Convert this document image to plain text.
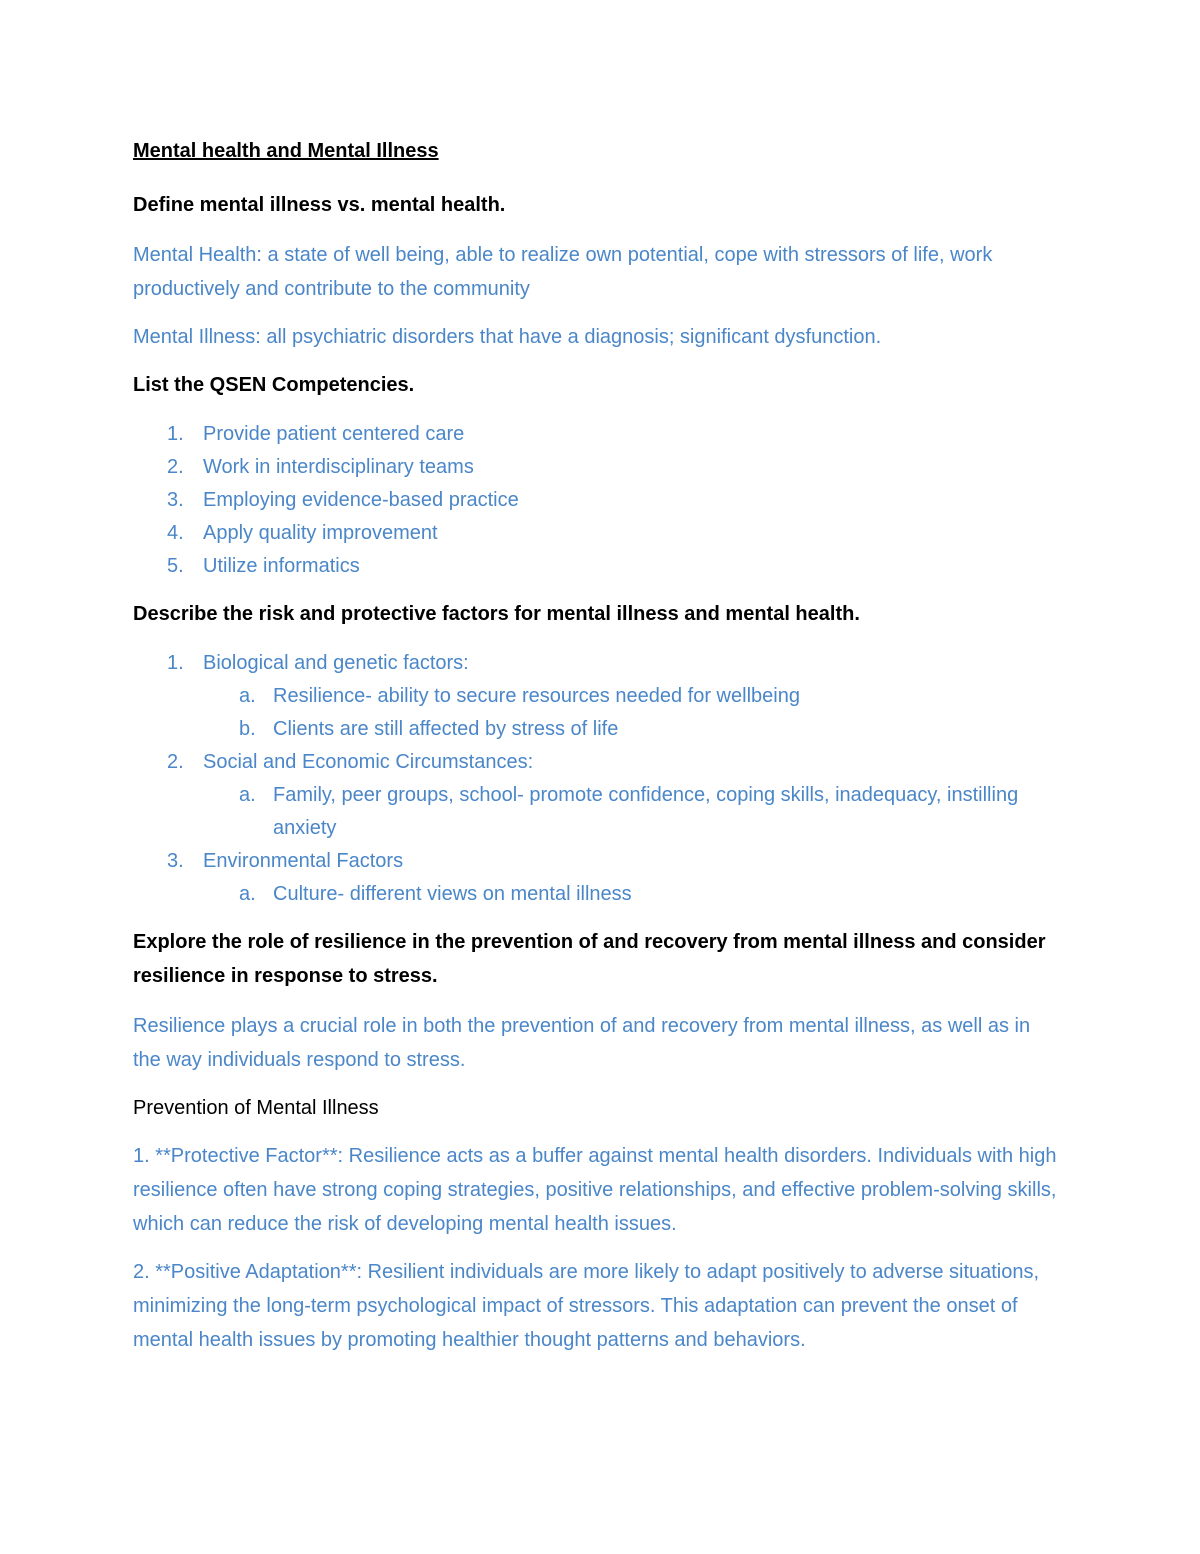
Mental health and Mental Illness

Define mental illness vs. mental health.

Mental Health: a state of well being, able to realize own potential, cope with stressors of life, work productively and contribute to the community

Mental Illness: all psychiatric disorders that have a diagnosis; significant dysfunction.

List the QSEN Competencies.

1. Provide patient centered care
2. Work in interdisciplinary teams
3. Employing evidence-based practice
4. Apply quality improvement
5. Utilize informatics

Describe the risk and protective factors for mental illness and mental health.

1. Biological and genetic factors:
a. Resilience- ability to secure resources needed for wellbeing
b. Clients are still affected by stress of life
2. Social and Economic Circumstances:
a. Family, peer groups, school- promote confidence, coping skills, inadequacy, instilling anxiety
3. Environmental Factors
a. Culture- different views on mental illness

Explore the role of resilience in the prevention of and recovery from mental illness and consider resilience in response to stress.

Resilience plays a crucial role in both the prevention of and recovery from mental illness, as well as in the way individuals respond to stress.

Prevention of Mental Illness

1. **Protective Factor**: Resilience acts as a buffer against mental health disorders. Individuals with high resilience often have strong coping strategies, positive relationships, and effective problem-solving skills, which can reduce the risk of developing mental health issues.

2. **Positive Adaptation**: Resilient individuals are more likely to adapt positively to adverse situations, minimizing the long-term psychological impact of stressors. This adaptation can prevent the onset of mental health issues by promoting healthier thought patterns and behaviors.
